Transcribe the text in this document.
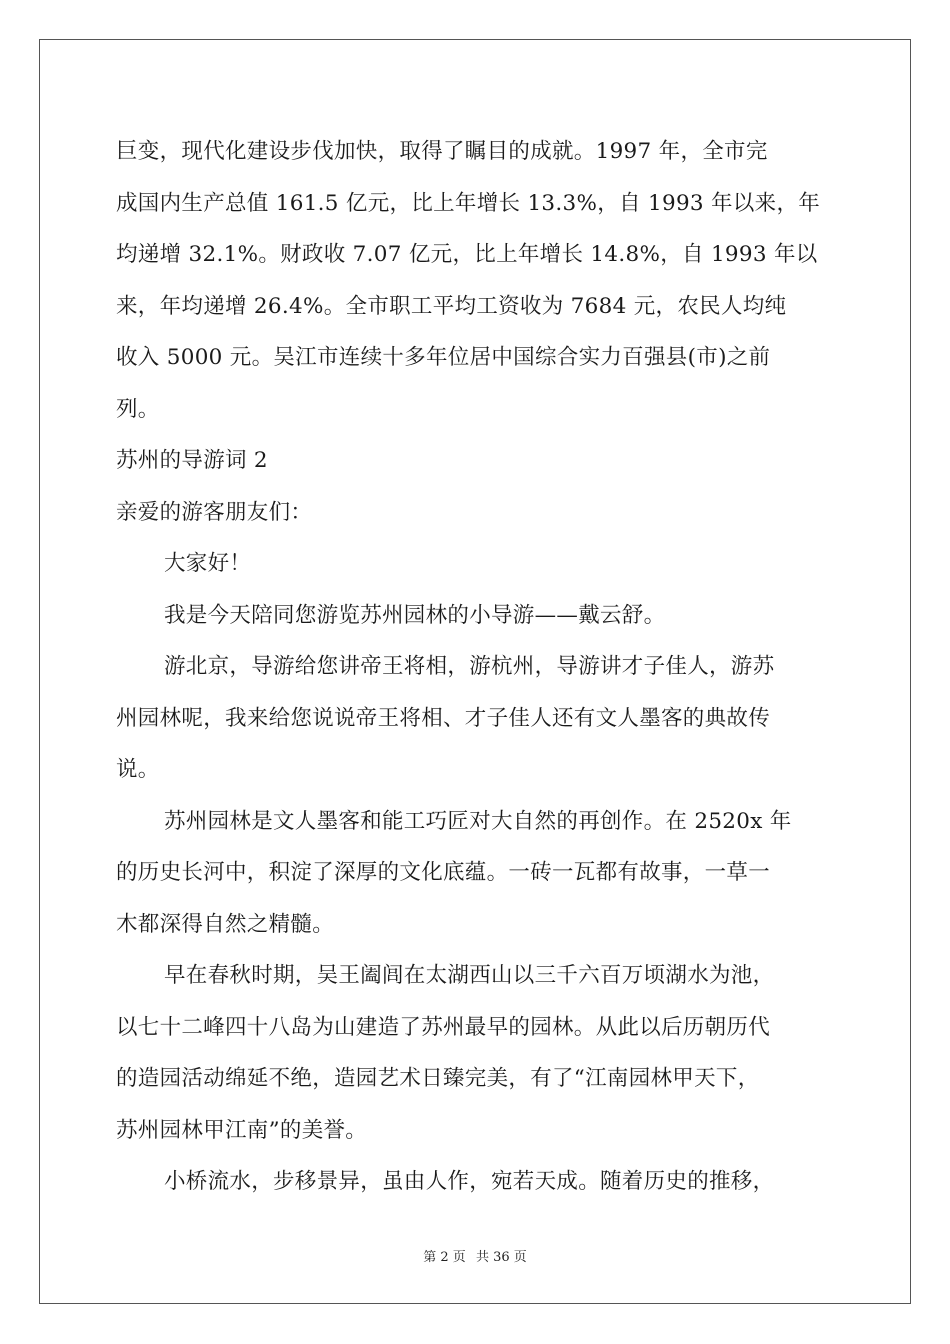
巨变，现代化建设步伐加快，取得了瞩目的成就。1997 年，全市完
成国内生产总值 161.5 亿元，比上年增长 13.3%，自 1993 年以来，年
均递增 32.1%。财政收 7.07 亿元，比上年增长 14.8%，自 1993 年以
来，年均递增 26.4%。全市职工平均工资收为 7684 元，农民人均纯
收入 5000 元。吴江市连续十多年位居中国综合实力百强县(市)之前
列。
苏州的导游词 2
亲爱的游客朋友们：
大家好！
我是今天陪同您游览苏州园林的小导游——戴云舒。
游北京，导游给您讲帝王将相，游杭州，导游讲才子佳人，游苏
州园林呢，我来给您说说帝王将相、才子佳人还有文人墨客的典故传
说。
苏州园林是文人墨客和能工巧匠对大自然的再创作。在 2520x 年
的历史长河中，积淀了深厚的文化底蕴。一砖一瓦都有故事，一草一
木都深得自然之精髓。
早在春秋时期，吴王阖闾在太湖西山以三千六百万顷湖水为池，
以七十二峰四十八岛为山建造了苏州最早的园林。从此以后历朝历代
的造园活动绵延不绝，造园艺术日臻完美，有了“江南园林甲天下，
苏州园林甲江南”的美誉。
小桥流水，步移景异，虽由人作，宛若天成。随着历史的推移，
第 2 页 共 36 页
